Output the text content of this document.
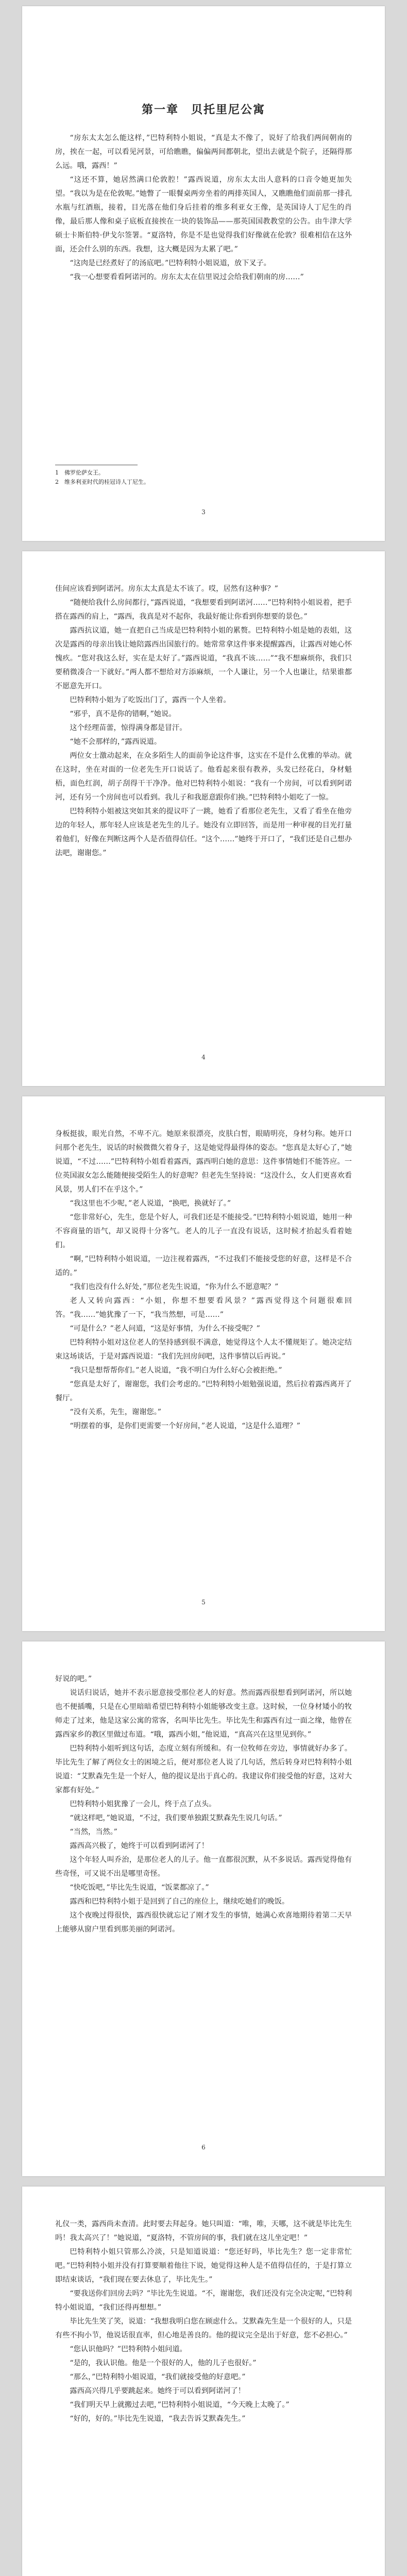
第一章　贝托里尼公寓

“房东太太怎么能这样，”巴特利特小姐说，“真是太不像了，说好了给我们两间朝南的房，挨在一起，可以看见河景，可给瞧瞧，偏偏两间都朝北，望出去就是个院子，还隔得那么远。哦，露西！”

“这还不算，她居然满口伦敦腔！”露西说道，房东太太出人意料的口音令她更加失望。“我以为是在伦敦呢。”她瞥了一眼餐桌两旁坐着的两排英国人，又瞧瞧他们面前那一排孔水瓶与红酒瓶，接着，目光落在他们身后挂着的维多利亚女王像，是英国诗人丁尼生的肖像，最后那人像和桌子底板直接挨在一块的装饰品——那英国国教教堂的公告。由牛津大学硕士卡斯伯特·伊戈尔签署。“夏洛特，你是不是也觉得我们好像就在伦敦？很难相信在这外面，还会什么别的东西。我想，这大概是因为太累了吧。”

“这肉是已经煮好了的汤底吧。”巴特利特小姐说道，放下叉子。

“我一心想要看看阿诺河的。房东太太在信里说过会给我们朝南的房……”

1　佛罗伦萨女王。

2　维多利亚时代的桂冠诗人丁尼生。

3

佳间应该看到阿诺河。房东太太真是太不该了。哎，居然有这种事？”

“随便给我什么房间都行，”露西说道，“我想要看到阿诺河……”巴特利特小姐说着，把手搭在露西的肩上，“露西，我真是对不起你，我最好能让你看到你想要的景色。”

露西抗议道，她一直把自己当成是巴特利特小姐的累赘。巴特利特小姐是她的表姐，这次是露西的母亲出钱让她陪露西出国旅行的。她常常拿这件事来提醒露西，让露西对她心怀愧疚。“您对我这么好，实在是太好了。”露西说道，“我真不该……”“我不想麻烦你，我们只要稍微凑合一下就好。”两人都不想给对方添麻烦，一个人谦让，另一个人也谦让，结果谁都不愿意先开口。

巴特利特小姐为了吃饭出门了，露西一个人坐着。

“邪乎，真不是你的错啊，”她说。

这个经理苗蕾，惊得满身都是冒汗。

“她不会那样的，”露西说道。

两位女士激动起来，在众多陌生人的面前争论这件事，这实在不是什么优雅的举动。就在这时，坐在对面的一位老先生开口说话了。他看起来很有教养，头发已经花白，身材魁梧，面色红润，胡子刮得干干净净。他对巴特利特小姐说：“我有一个房间，可以看到阿诺河，还有另一个房间也可以看到。我儿子和我愿意跟你们换。”巴特利特小姐吃了一惊。

巴特利特小姐被这突如其来的提议吓了一跳，她看了看那位老先生，又看了看坐在他旁边的年轻人，那年轻人应该是老先生的儿子。她没有立即回答，而是用一种审视的目光打量着他们，好像在判断这两个人是否值得信任。“这个……”她终于开口了，“我们还是自己想办法吧，谢谢您。”

4

身板挺拔，眼光自然，不卑不亢。她原来很漂亮，皮肤白皙，眼睛明亮，身材匀称。她开口问那个老先生，说话的时候微微欠着身子，这是她觉得最得体的姿态。“您真是太好心了，”她说道，“不过……”巴特利特小姐看着露西，露西明白她的意思：这件事情她们不能答应。一位英国淑女怎么能随便接受陌生人的好意呢？但老先生坚持说：“这没什么，女人们更喜欢看风景，男人们不在乎这个。”

“我这里也不少呢，”老人说道，“换吧，换就好了。”

“您非常好心，先生，您是个好人，可我们还是不能接受。”巴特利特小姐说道，她用一种不容商量的语气，却又说得十分客气。老人的儿子一直没有说话，这时候才抬起头看着她们。

“啊，”巴特利特小姐说道，一边注视着露西，“不过我们不能接受您的好意，这样是不合适的。”

“我们也没有什么好处，”那位老先生说道，“你为什么不愿意呢？”

老人又转向露西：“小姐，你想不想要看风景？”露西觉得这个问题很难回答。“我……”她犹豫了一下，“我当然想，可是……”

“可是什么？”老人问道，“这是好事情，为什么不接受呢？”

巴特利特小姐对这位老人的坚持感到很不满意，她觉得这个人太不懂规矩了。她决定结束这场谈话，于是对露西说道：“我们先回房间吧，这件事情以后再说。”

“我只是想帮帮你们。”老人说道，“我不明白为什么好心会被拒绝。”

“您真是太好了，谢谢您，我们会考虑的。”巴特利特小姐勉强说道，然后拉着露西离开了餐厅。

“没有关系，先生，谢谢您。”

“明摆着的事，是你们更需要一个好房间，”老人说道，“这是什么道理？”

5

好说的吧。”

说话归说话，她并不表示愿意接受那位老人的好意。然而露西很想看到阿诺河，所以她也不便插嘴，只是在心里暗暗希望巴特利特小姐能够改变主意。这时候，一位身材矮小的牧师走了过来，他是这家公寓的常客，名叫毕比先生。毕比先生和露西有过一面之缘，他曾在露西家乡的教区里做过布道。“哦，露西小姐，”他说道，“真高兴在这里见到你。”

巴特利特小姐听到这句话，态度立刻有所缓和。有一位牧师在旁边，事情就好办多了。毕比先生了解了两位女士的困境之后，便对那位老人说了几句话，然后转身对巴特利特小姐说道：“艾默森先生是一个好人，他的提议是出于真心的。我建议你们接受他的好意，这对大家都有好处。”

巴特利特小姐犹豫了一会儿，终于点了点头。

“就这样吧，”她说道，“不过，我们要单独跟艾默森先生说几句话。”

“当然，当然。”

露西高兴极了，她终于可以看到阿诺河了！

这个年轻人叫乔治，是那位老人的儿子。他一直都很沉默，从不多说话。露西觉得他有些奇怪，可又说不出是哪里奇怪。

“快吃饭吧，”毕比先生说道，“饭菜都凉了。”

露西和巴特利特小姐于是回到了自己的座位上，继续吃她们的晚饭。

这个夜晚过得很快，露西很快就忘记了刚才发生的事情，她满心欢喜地期待着第二天早上能够从窗户里看到那美丽的阿诺河。

6

礼仪一类，露西尚未查清。此时要去拜起身。她只叫道：“唯，唯，天哪，这不就是毕比先生吗！我太高兴了！”她说道，“夏洛特，不管房间的事，我们就在这儿坐定吧！”

巴特利特小姐只管那么冷淡，只是知道说道：“您还好吗，毕比先生？您一定非常忙吧。”巴特利特小姐并没有打算要顺着他往下说，她觉得这种人是不值得信任的，于是打算立即结束谈话，“我们现在要去休息了，毕比先生。”

“要我送你们回房去吗？”毕比先生说道。“不，谢谢您，我们还没有完全决定呢，”巴特利特小姐说道，“我们还得再想想。”

毕比先生笑了笑，说道：“我想我明白您在顾虑什么。艾默森先生是一个很好的人，只是有些不拘小节，他说话很直率，但心地是善良的。他的提议完全是出于好意，您不必担心。”

“您认识他吗？”巴特利特小姐问道。

“是的，我认识他。他是一个很好的人，他的儿子也很好。”

“那么，”巴特利特小姐说道，“我们就接受他的好意吧。”

露西高兴得几乎要跳起来。她终于可以看到阿诺河了！

“我们明天早上就搬过去吧，”巴特利特小姐说道，“今天晚上太晚了。”

“好的，好的。”毕比先生说道，“我去告诉艾默森先生。”
